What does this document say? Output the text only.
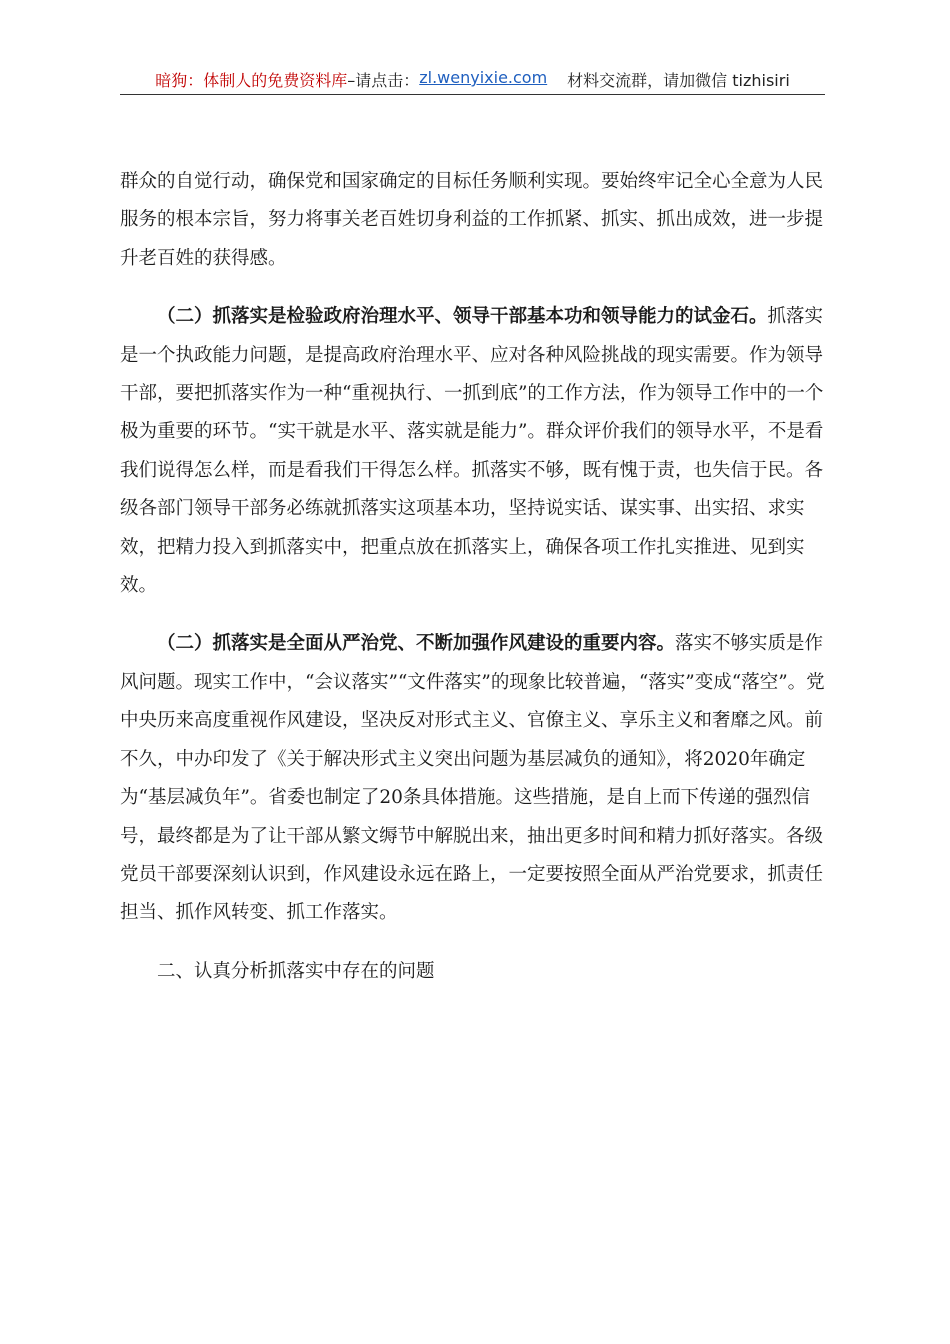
暗狗：体制人的免费资料库 –请点击： zl.wenyixie.com 材料交流群，请加微信 tizhisiri

群众的自觉行动，确保党和国家确定的目标任务顺利实现。要始终牢记全心全意为人民服务的根本宗旨，努力将事关老百姓切身利益的工作抓紧、抓实、抓出成效，进一步提升老百姓的获得感。

（二）抓落实是检验政府治理水平、领导干部基本功和领导能力的试金石。抓落实是一个执政能力问题，是提高政府治理水平、应对各种风险挑战的现实需要。作为领导干部，要把抓落实作为一种“重视执行、一抓到底”的工作方法，作为领导工作中的一个极为重要的环节。“实干就是水平、落实就是能力”。群众评价我们的领导水平，不是看我们说得怎么样，而是看我们干得怎么样。抓落实不够，既有愧于责，也失信于民。各级各部门领导干部务必练就抓落实这项基本功，坚持说实话、谋实事、出实招、求实效，把精力投入到抓落实中，把重点放在抓落实上，确保各项工作扎实推进、见到实效。

（二）抓落实是全面从严治党、不断加强作风建设的重要内容。落实不够实质是作风问题。现实工作中，“会议落实”“文件落实”的现象比较普遍，“落实”变成“落空”。党中央历来高度重视作风建设，坚决反对形式主义、官僚主义、享乐主义和奢靡之风。前不久，中办印发了《关于解决形式主义突出问题为基层减负的通知》，将2020年确定为“基层减负年”。省委也制定了20条具体措施。这些措施，是自上而下传递的强烈信号，最终都是为了让干部从繁文缛节中解脱出来，抽出更多时间和精力抓好落实。各级党员干部要深刻认识到，作风建设永远在路上，一定要按照全面从严治党要求，抓责任担当、抓作风转变、抓工作落实。

二、认真分析抓落实中存在的问题
